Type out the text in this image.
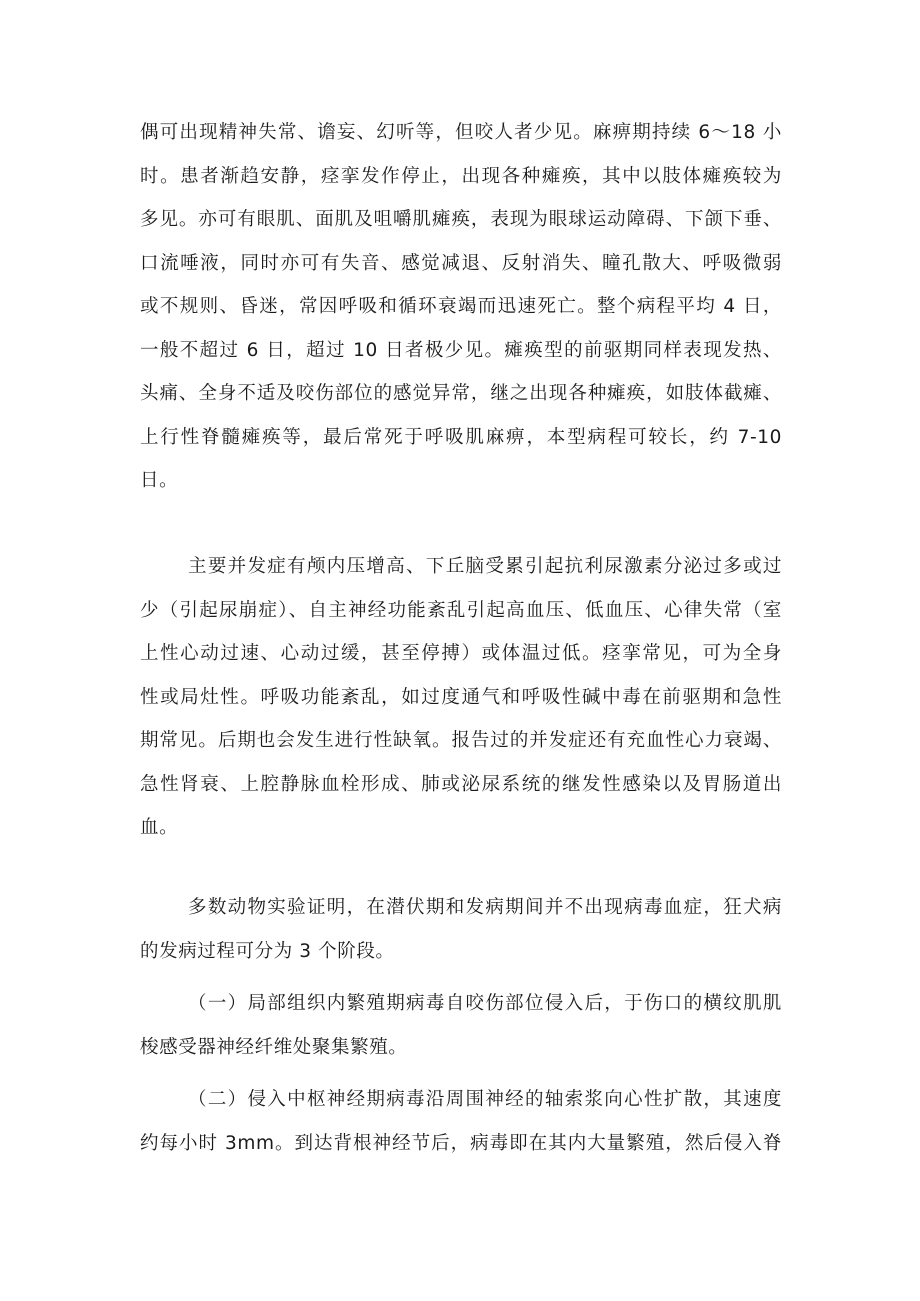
偶可出现精神失常、谵妄、幻听等，但咬人者少见。麻痹期持续 6～18 小
时。患者渐趋安静，痉挛发作停止，出现各种瘫痪，其中以肢体瘫痪较为
多见。亦可有眼肌、面肌及咀嚼肌瘫痪，表现为眼球运动障碍、下颌下垂、
口流唾液，同时亦可有失音、感觉减退、反射消失、瞳孔散大、呼吸微弱
或不规则、昏迷，常因呼吸和循环衰竭而迅速死亡。整个病程平均 4 日，
一般不超过 6 日，超过 10 日者极少见。瘫痪型的前驱期同样表现发热、
头痛、全身不适及咬伤部位的感觉异常，继之出现各种瘫痪，如肢体截瘫、
上行性脊髓瘫痪等，最后常死于呼吸肌麻痹，本型病程可较长，约 7-10
日。
主要并发症有颅内压增高、下丘脑受累引起抗利尿激素分泌过多或过
少（引起尿崩症）、自主神经功能紊乱引起高血压、低血压、心律失常（室
上性心动过速、心动过缓，甚至停搏）或体温过低。痉挛常见，可为全身
性或局灶性。呼吸功能紊乱，如过度通气和呼吸性碱中毒在前驱期和急性
期常见。后期也会发生进行性缺氧。报告过的并发症还有充血性心力衰竭、
急性肾衰、上腔静脉血栓形成、肺或泌尿系统的继发性感染以及胃肠道出
血。
多数动物实验证明，在潜伏期和发病期间并不出现病毒血症，狂犬病
的发病过程可分为 3 个阶段。
（一）局部组织内繁殖期病毒自咬伤部位侵入后，于伤口的横纹肌肌
梭感受器神经纤维处聚集繁殖。
（二）侵入中枢神经期病毒沿周围神经的轴索浆向心性扩散，其速度
约每小时 3mm。到达背根神经节后，病毒即在其内大量繁殖，然后侵入脊
